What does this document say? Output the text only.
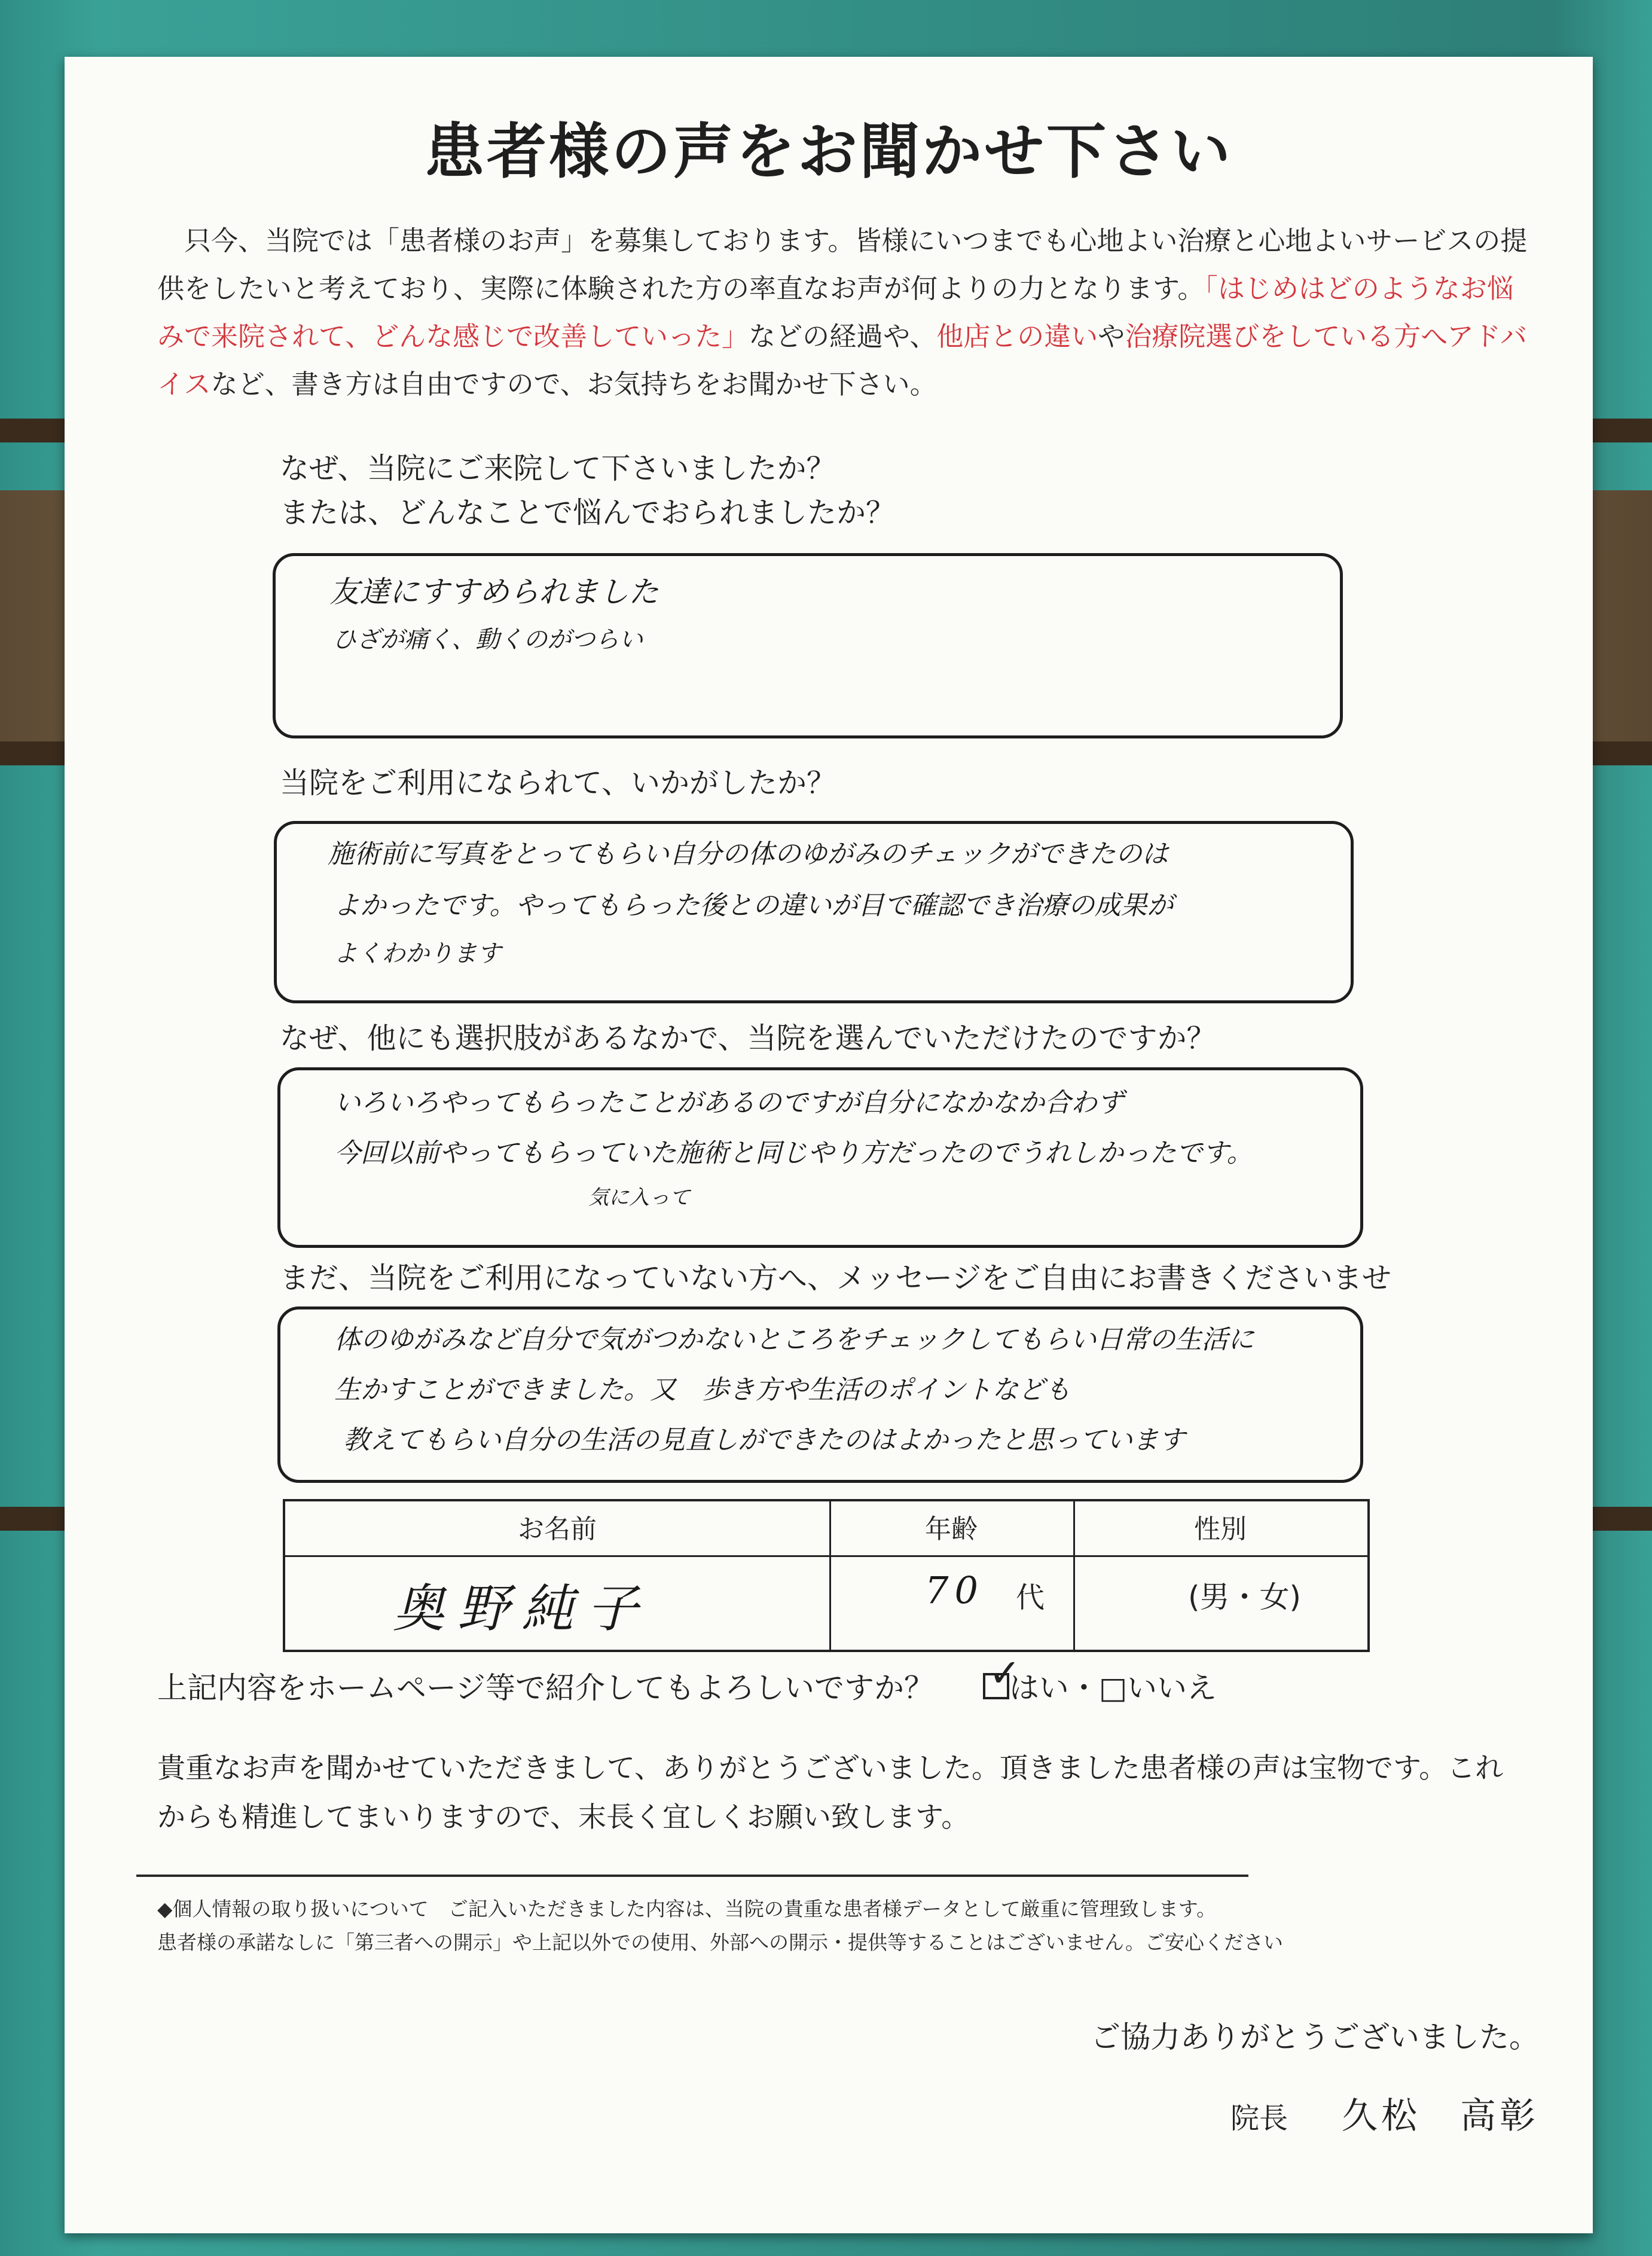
患者様の声をお聞かせ下さい
　只今、当院では「患者様のお声」を募集しております。皆様にいつまでも心地よい治療と心地よいサービスの提供をしたいと考えており、実際に体験された方の率直なお声が何よりの力となります。「はじめはどのようなお悩みで来院されて、どんな感じで改善していった」などの経過や、他店との違いや治療院選びをしている方へアドバイスなど、書き方は自由ですので、お気持ちをお聞かせ下さい。
なぜ、当院にご来院して下さいましたか？
または、どんなことで悩んでおられましたか？
友達にすすめられました
ひざが痛く、動くのがつらい
当院をご利用になられて、いかがしたか？
施術前に写真をとってもらい自分の体のゆがみのチェックができたのは
よかったです。やってもらった後との違いが目で確認でき治療の成果が
よくわかります
なぜ、他にも選択肢があるなかで、当院を選んでいただけたのですか？
いろいろやってもらったことがあるのですが自分になかなか合わず
今回以前やってもらっていた施術と同じやり方だったのでうれしかったです。
気に入って
まだ、当院をご利用になっていない方へ、メッセージをご自由にお書きくださいませ
体のゆがみなど自分で気がつかないところをチェックしてもらい日常の生活に
生かすことができました。又　歩き方や生活のポイントなども
教えてもらい自分の生活の見直しができたのはよかったと思っています
お名前	年齢	性別
奥野純子	70 代	(男・女)
上記内容をホームページ等で紹介してもよろしいですか？ ✓
はい・□いいえ
貴重なお声を聞かせていただきまして、ありがとうございました。頂きました患者様の声は宝物です。これからも精進してまいりますので、末長く宜しくお願い致します。
◆個人情報の取り扱いについて　ご記入いただきました内容は、当院の貴重な患者様データとして厳重に管理致します。
患者様の承諾なしに「第三者への開示」や上記以外での使用、外部への開示・提供等することはございません。ご安心ください
ご協力ありがとうございました。
院長 久松　高彰
